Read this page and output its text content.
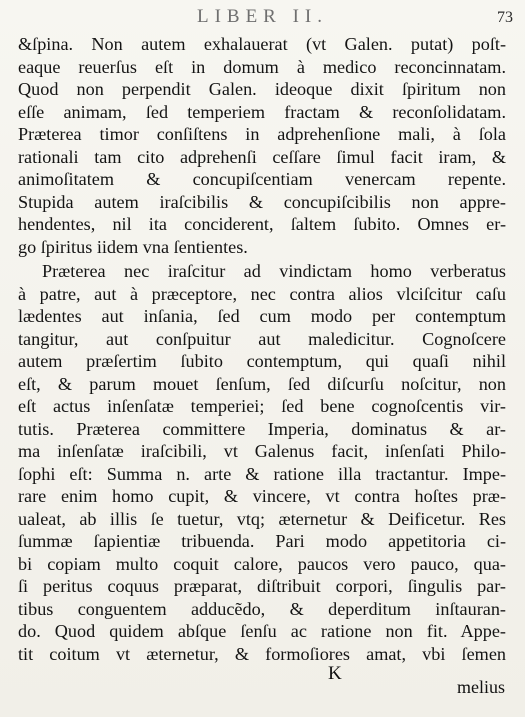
LIBER II.	73
&ſpina. Non autem exhalauerat (vt Galen. putat) poſt-
eaque reuerſus eſt in domum à medico reconcinnatam.
Quod non perpendit Galen. ideoque dixit ſpiritum non
eſſe animam, ſed temperiem fractam & reconſolidatam.
Præterea timor conſiſtens in adprehenſione mali, à ſola
rationali tam cito adprehenſi ceſſare ſimul facit iram, &
animoſitatem & concupiſcentiam venercam repente.
Stupida autem iraſcibilis & concupiſcibilis non appre-
hendentes, nil ita conciderent, ſaltem ſubito. Omnes er-
go ſpiritus iidem vna ſentientes.
Præterea nec iraſcitur ad vindictam homo verberatus
à patre, aut à præceptore, nec contra alios vlciſcitur caſu
lædentes aut inſania, ſed cum modo per contemptum
tangitur, aut conſpuitur aut maledicitur. Cognoſcere
autem præſertim ſubito contemptum, qui quaſi nihil
eſt, & parum mouet ſenſum, ſed diſcurſu noſcitur, non
eſt actus inſenſatæ temperiei; ſed bene cognoſcentis vir-
tutis. Præterea committere Imperia, dominatus & ar-
ma inſenſatæ iraſcibili, vt Galenus facit, inſenſati Philo-
ſophi eſt: Summa n. arte & ratione illa tractantur. Impe-
rare enim homo cupit, & vincere, vt contra hoſtes præ-
ualeat, ab illis ſe tuetur, vtq; æternetur & Deificetur. Res
ſummæ ſapientiæ tribuenda. Pari modo appetitoria ci-
bi copiam multo coquit calore, paucos vero pauco, qua-
ſi peritus coquus præparat, diſtribuit corpori, ſingulis par-
tibus conguentem adducẽdo, & deperditum inſtauran-
do. Quod quidem abſque ſenſu ac ratione non fit. Appe-
tit coitum vt æternetur, & formoſiores amat, vbi ſemen
K
melius
